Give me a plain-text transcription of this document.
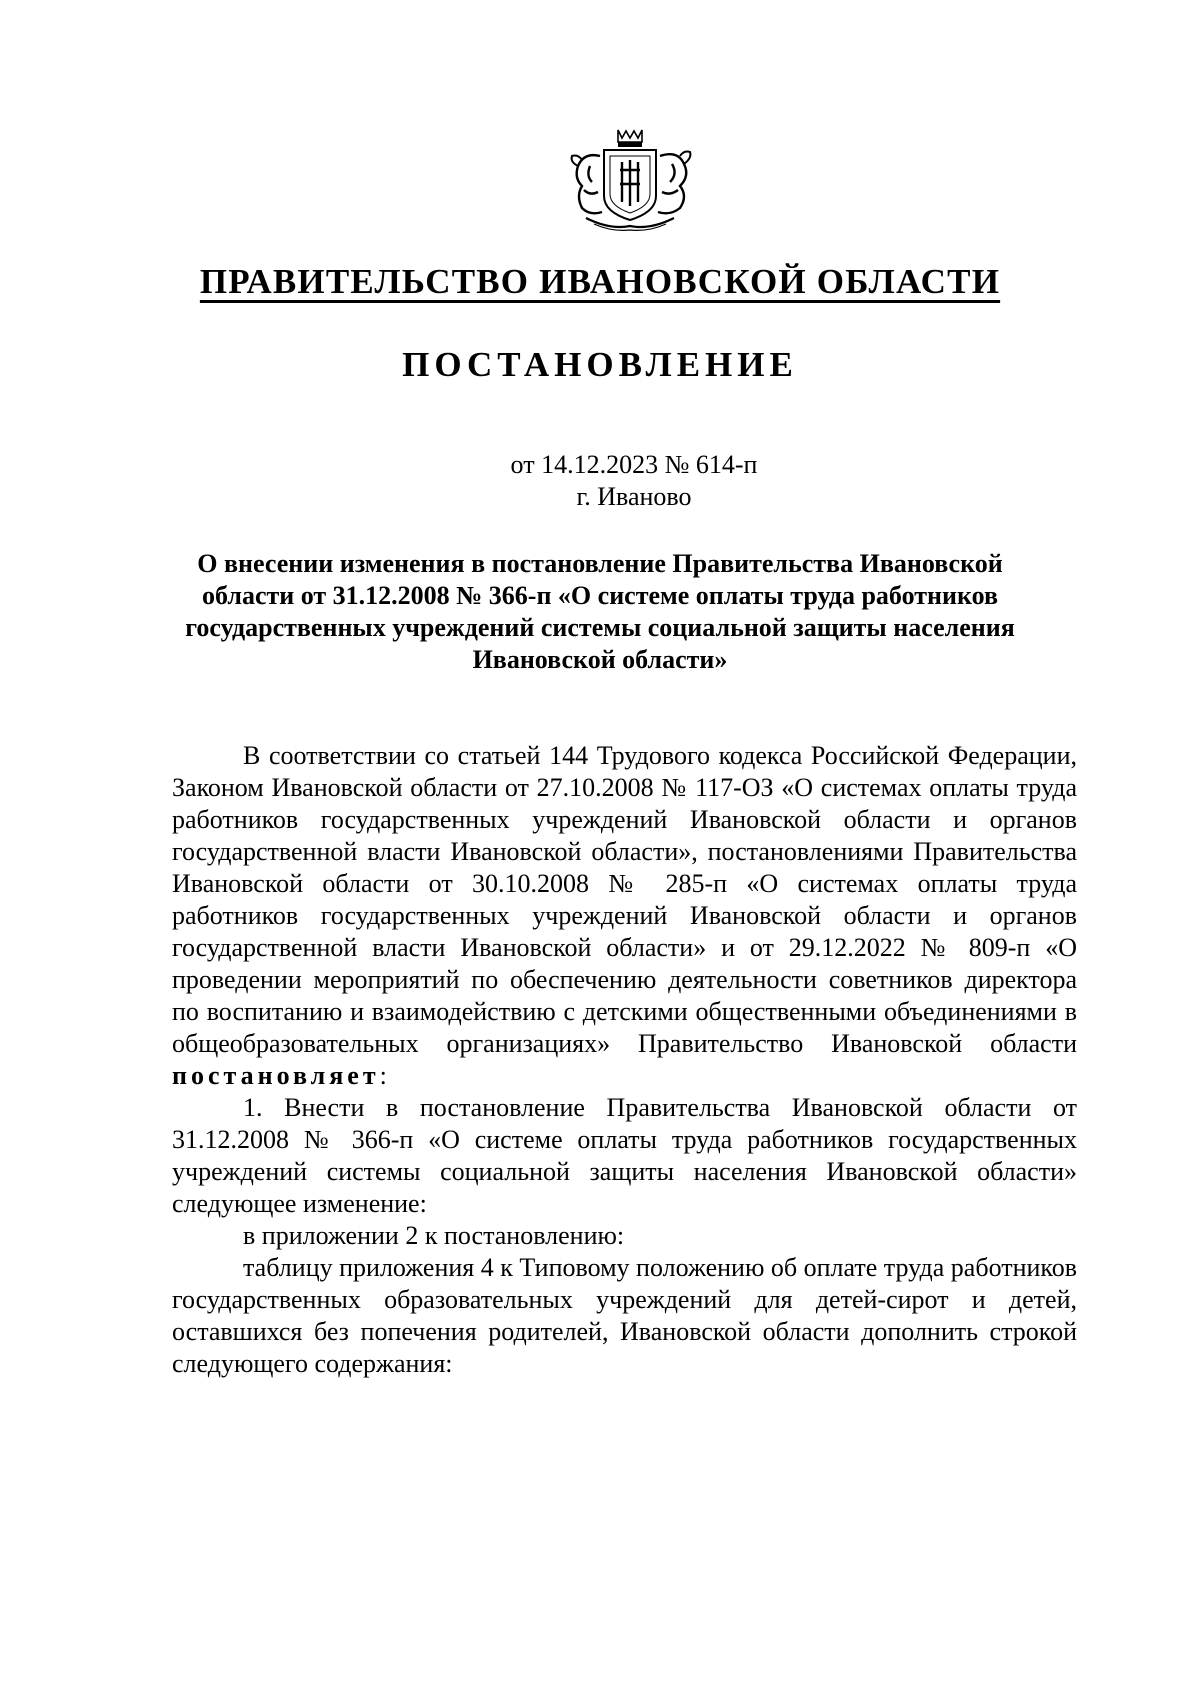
ПРАВИТЕЛЬСТВО ИВАНОВСКОЙ ОБЛАСТИ
ПОСТАНОВЛЕНИЕ
от 14.12.2023 № 614-п
г. Иваново
О внесении изменения в постановление Правительства Ивановской области от 31.12.2008 № 366-п «О системе оплаты труда работников государственных учреждений системы социальной защиты населения Ивановской области»

В соответствии со статьей 144 Трудового кодекса Российской Федерации, Законом Ивановской области от 27.10.2008 № 117-ОЗ «О системах оплаты труда работников государственных учреждений Ивановской области и органов государственной власти Ивановской области», постановлениями Правительства Ивановской области от 30.10.2008 № 285-п «О системах оплаты труда работников государственных учреждений Ивановской области и органов государственной власти Ивановской области» и от 29.12.2022 № 809-п «О проведении мероприятий по обеспечению деятельности советников директора по воспитанию и взаимодействию с детскими общественными объединениями в общеобразовательных организациях» Правительство Ивановской области постановляет:

1. Внести в постановление Правительства Ивановской области от 31.12.2008 № 366-п «О системе оплаты труда работников государственных учреждений системы социальной защиты населения Ивановской области» следующее изменение:

в приложении 2 к постановлению:

таблицу приложения 4 к Типовому положению об оплате труда работников государственных образовательных учреждений для детей-сирот и детей, оставшихся без попечения родителей, Ивановской области дополнить строкой следующего содержания:
